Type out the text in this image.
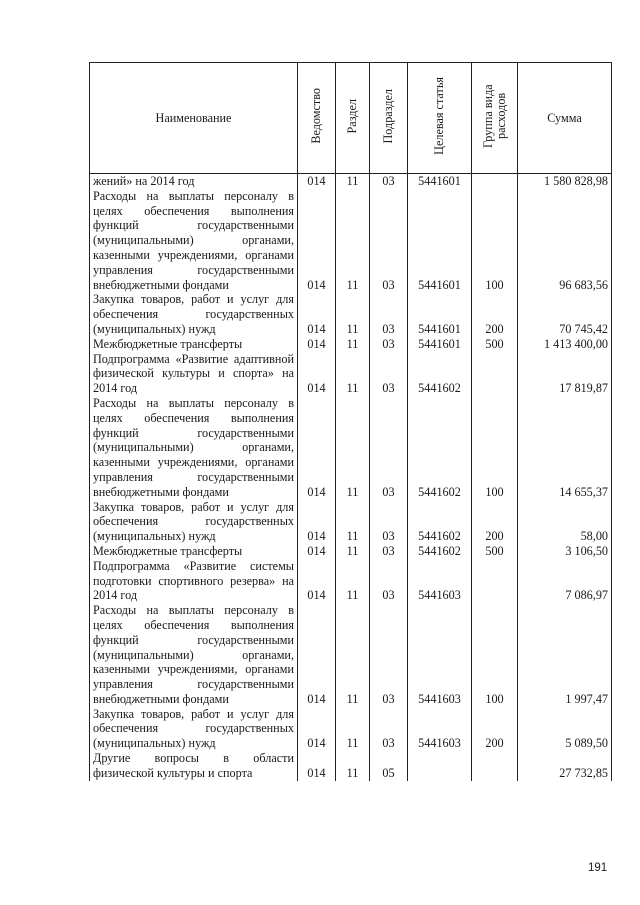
Наименование	Ведомство	Раздел	Подраздел	Целевая статья	Группа вида расходов	Сумма
жений» на 2014 год	014	11	03	5441601		1 580 828,98
Расходы на выплаты персоналу в целях обеспечения выполнения функций государственными (муниципальными) органами, казенными учреждениями, органами управления государственными внебюджетными фондами	014	11	03	5441601	100	96 683,56
Закупка товаров, работ и услуг для обеспечения государственных (муниципальных) нужд	014	11	03	5441601	200	70 745,42
Межбюджетные трансферты	014	11	03	5441601	500	1 413 400,00
Подпрограмма «Развитие адаптивной физической культуры и спорта» на 2014 год	014	11	03	5441602		17 819,87
Расходы на выплаты персоналу в целях обеспечения выполнения функций государственными (муниципальными) органами, казенными учреждениями, органами управления государственными внебюджетными фондами	014	11	03	5441602	100	14 655,37
Закупка товаров, работ и услуг для обеспечения государственных (муниципальных) нужд	014	11	03	5441602	200	58,00
Межбюджетные трансферты	014	11	03	5441602	500	3 106,50
Подпрограмма «Развитие системы подготовки спортивного резерва» на 2014 год	014	11	03	5441603		7 086,97
Расходы на выплаты персоналу в целях обеспечения выполнения функций государственными (муниципальными) органами, казенными учреждениями, органами управления государственными внебюджетными фондами	014	11	03	5441603	100	1 997,47
Закупка товаров, работ и услуг для обеспечения государственных (муниципальных) нужд	014	11	03	5441603	200	5 089,50
Другие вопросы в области физической культуры и спорта	014	11	05			27 732,85
191
